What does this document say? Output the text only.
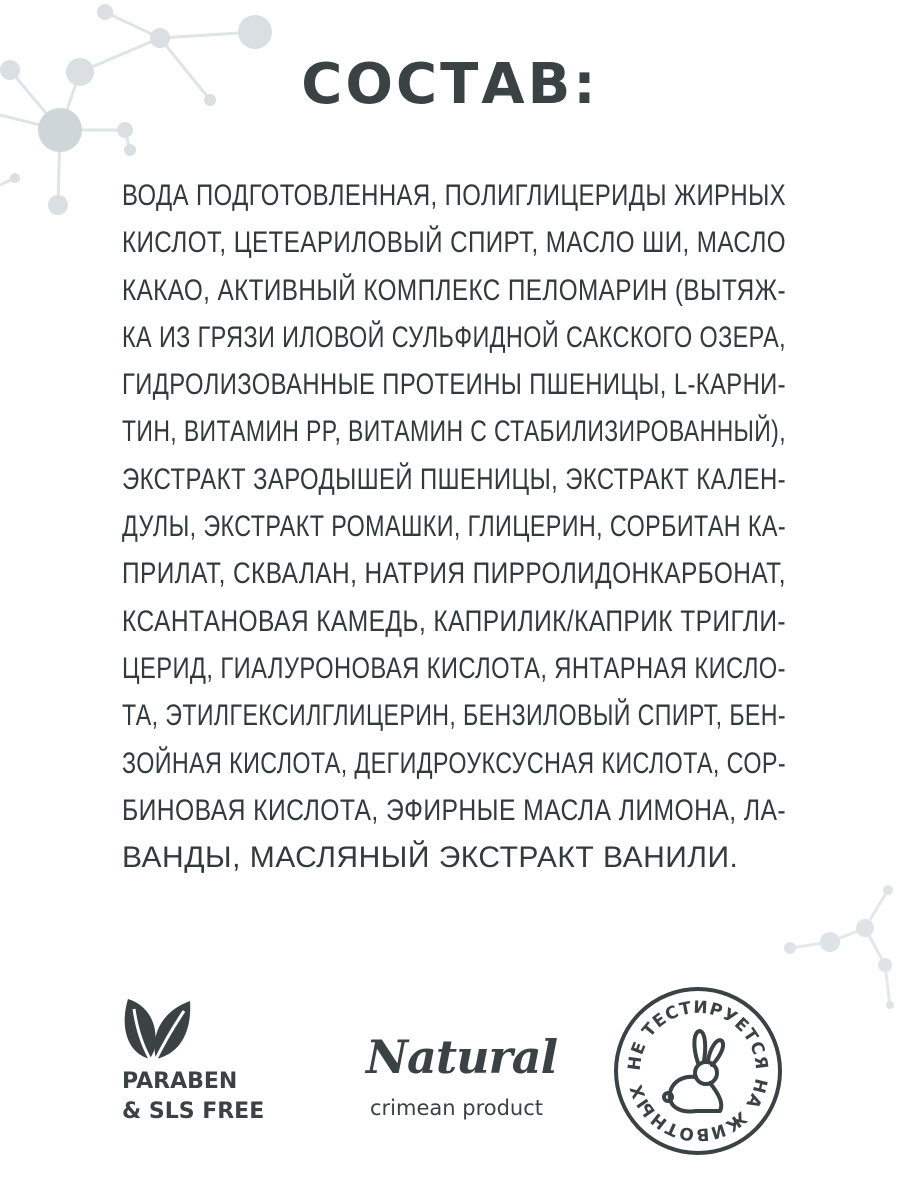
СОСТАВ:
ВОДА ПОДГОТОВЛЕННАЯ, ПОЛИГЛИЦЕРИДЫ ЖИРНЫХ
КИСЛОТ, ЦЕТЕАРИЛОВЫЙ СПИРТ, МАСЛО ШИ, МАСЛО
КАКАО, АКТИВНЫЙ КОМПЛЕКС ПЕЛОМАРИН (ВЫТЯЖ-
КА ИЗ ГРЯЗИ ИЛОВОЙ СУЛЬФИДНОЙ САКСКОГО ОЗЕРА,
ГИДРОЛИЗОВАННЫЕ ПРОТЕИНЫ ПШЕНИЦЫ, L-КАРНИ-
ТИН, ВИТАМИН PP, ВИТАМИН С СТАБИЛИЗИРОВАННЫЙ),
ЭКСТРАКТ ЗАРОДЫШЕЙ ПШЕНИЦЫ, ЭКСТРАКТ КАЛЕН-
ДУЛЫ, ЭКСТРАКТ РОМАШКИ, ГЛИЦЕРИН, СОРБИТАН КА-
ПРИЛАТ, СКВАЛАН, НАТРИЯ ПИРРОЛИДОНКАРБОНАТ,
КСАНТАНОВАЯ КАМЕДЬ, КАПРИЛИК/КАПРИК ТРИГЛИ-
ЦЕРИД, ГИАЛУРОНОВАЯ КИСЛОТА, ЯНТАРНАЯ КИСЛО-
ТА, ЭТИЛГЕКСИЛГЛИЦЕРИН, БЕНЗИЛОВЫЙ СПИРТ, БЕН-
ЗОЙНАЯ КИСЛОТА, ДЕГИДРОУКСУСНАЯ КИСЛОТА, СОР-
БИНОВАЯ КИСЛОТА, ЭФИРНЫЕ МАСЛА ЛИМОНА, ЛА-
ВАНДЫ, МАСЛЯНЫЙ ЭКСТРАКТ ВАНИЛИ.
PARABEN
& SLS FREE
Natural
crimean product
НЕ ТЕСТИРУЕТСЯ НА ЖИВОТНЫХ
